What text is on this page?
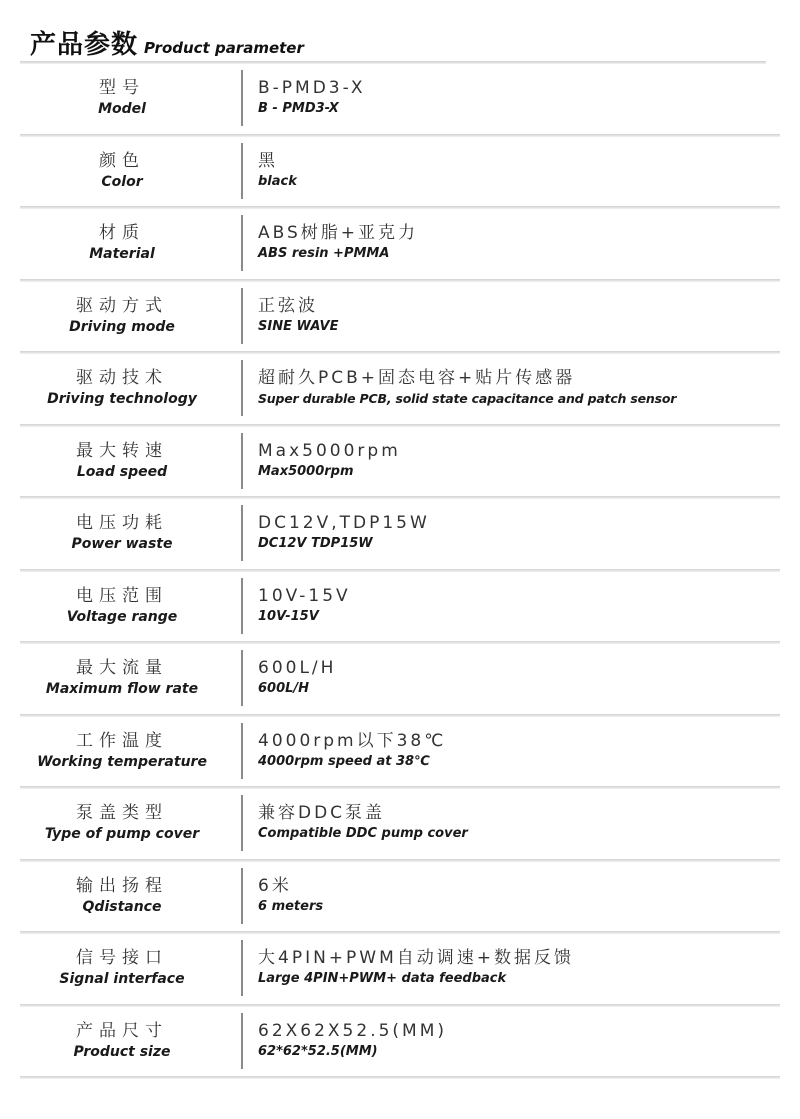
产品参数 Product parameter
型号
Model
B-PMD3-X
B - PMD3-X
颜色
Color
黑
black
材质
Material
ABS树脂+亚克力
ABS resin +PMMA
驱动方式
Driving mode
正弦波
SINE WAVE
驱动技术
Driving technology
超耐久PCB+固态电容+贴片传感器
Super durable PCB, solid state capacitance and patch sensor
最大转速
Load speed
Max5000rpm
Max5000rpm
电压功耗
Power waste
DC12V,TDP15W
DC12V TDP15W
电压范围
Voltage range
10V-15V
10V-15V
最大流量
Maximum flow rate
600L/H
600L/H
工作温度
Working temperature
4000rpm以下38℃
4000rpm speed at 38℃
泵盖类型
Type of pump cover
兼容DDC泵盖
Compatible DDC pump cover
输出扬程
Qdistance
6米
6 meters
信号接口
Signal interface
大4PIN+PWM自动调速+数据反馈
Large 4PIN+PWM+ data feedback
产品尺寸
Product size
62X62X52.5(MM)
62*62*52.5(MM)
